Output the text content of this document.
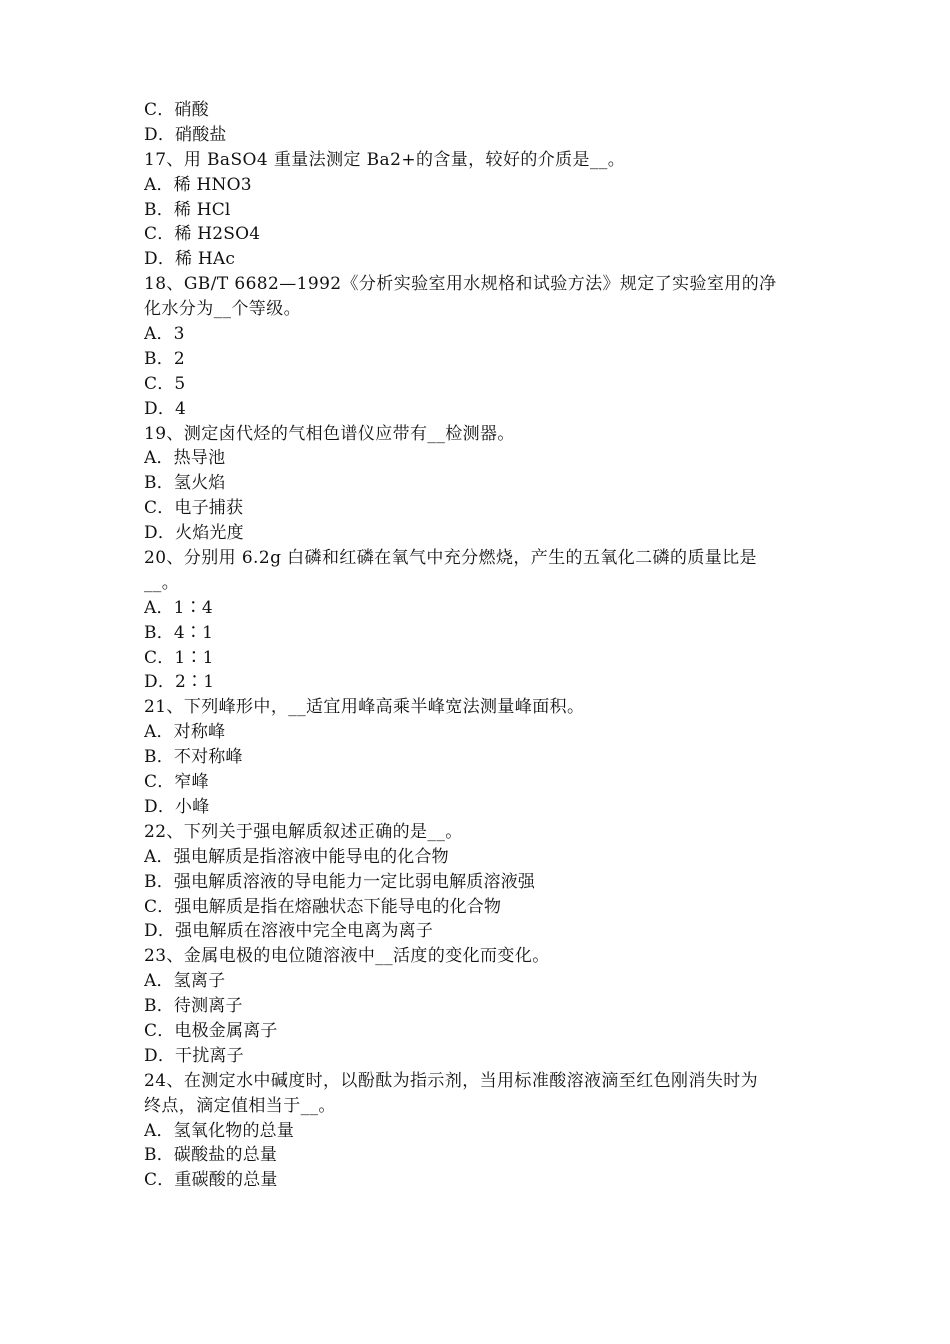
C．硝酸
D．硝酸盐
17、用 BaSO4 重量法测定 Ba2+的含量，较好的介质是__。
A．稀 HNO3
B．稀 HCl
C．稀 H2SO4
D．稀 HAc
18、GB/T 6682—1992《分析实验室用水规格和试验方法》规定了实验室用的净
化水分为__个等级。
A．3
B．2
C．5
D．4
19、测定卤代烃的气相色谱仪应带有__检测器。
A．热导池
B．氢火焰
C．电子捕获
D．火焰光度
20、分别用 6.2g 白磷和红磷在氧气中充分燃烧，产生的五氧化二磷的质量比是
__。
A．1∶4
B．4∶1
C．1∶1
D．2∶1
21、下列峰形中，__适宜用峰高乘半峰宽法测量峰面积。
A．对称峰
B．不对称峰
C．窄峰
D．小峰
22、下列关于强电解质叙述正确的是__。
A．强电解质是指溶液中能导电的化合物
B．强电解质溶液的导电能力一定比弱电解质溶液强
C．强电解质是指在熔融状态下能导电的化合物
D．强电解质在溶液中完全电离为离子
23、金属电极的电位随溶液中__活度的变化而变化。
A．氢离子
B．待测离子
C．电极金属离子
D．干扰离子
24、在测定水中碱度时，以酚酞为指示剂，当用标准酸溶液滴至红色刚消失时为
终点，滴定值相当于__。
A．氢氧化物的总量
B．碳酸盐的总量
C．重碳酸的总量
